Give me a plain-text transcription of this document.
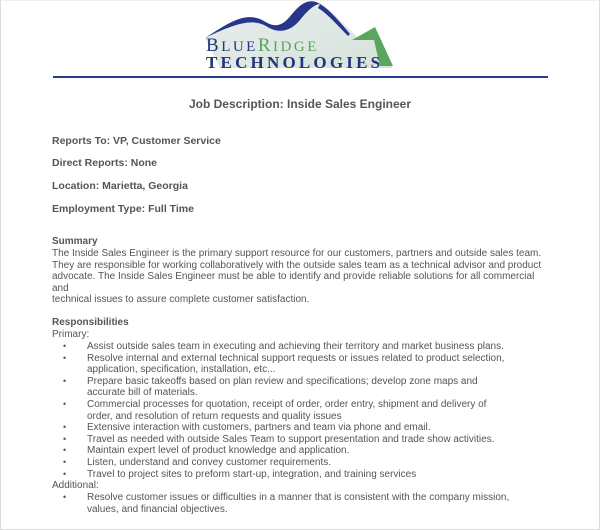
BLUERIDGE
TECHNOLOGIES
Job Description: Inside Sales Engineer
Reports To: VP, Customer Service
Direct Reports: None
Location: Marietta, Georgia
Employment Type: Full Time
Summary
The Inside Sales Engineer is the primary support resource for our customers, partners and outside sales team.
They are responsible for working collaboratively with the outside sales team as a technical advisor and product
advocate. The Inside Sales Engineer must be able to identify and provide reliable solutions for all commercial and
technical issues to assure complete customer satisfaction.
Responsibilities
Primary:
• Assist outside sales team in executing and achieving their territory and market business plans.
• Resolve internal and external technical support requests or issues related to product selection, application, specification, installation, etc...
• Prepare basic takeoffs based on plan review and specifications; develop zone maps and accurate bill of materials.
• Commercial processes for quotation, receipt of order, order entry, shipment and delivery of order, and resolution of return requests and quality issues
• Extensive interaction with customers, partners and team via phone and email.
• Travel as needed with outside Sales Team to support presentation and trade show activities.
• Maintain expert level of product knowledge and application.
• Listen, understand and convey customer requirements.
• Travel to project sites to preform start-up, integration, and training services
Additional:
• Resolve customer issues or difficulties in a manner that is consistent with the company mission, values, and financial objectives.
